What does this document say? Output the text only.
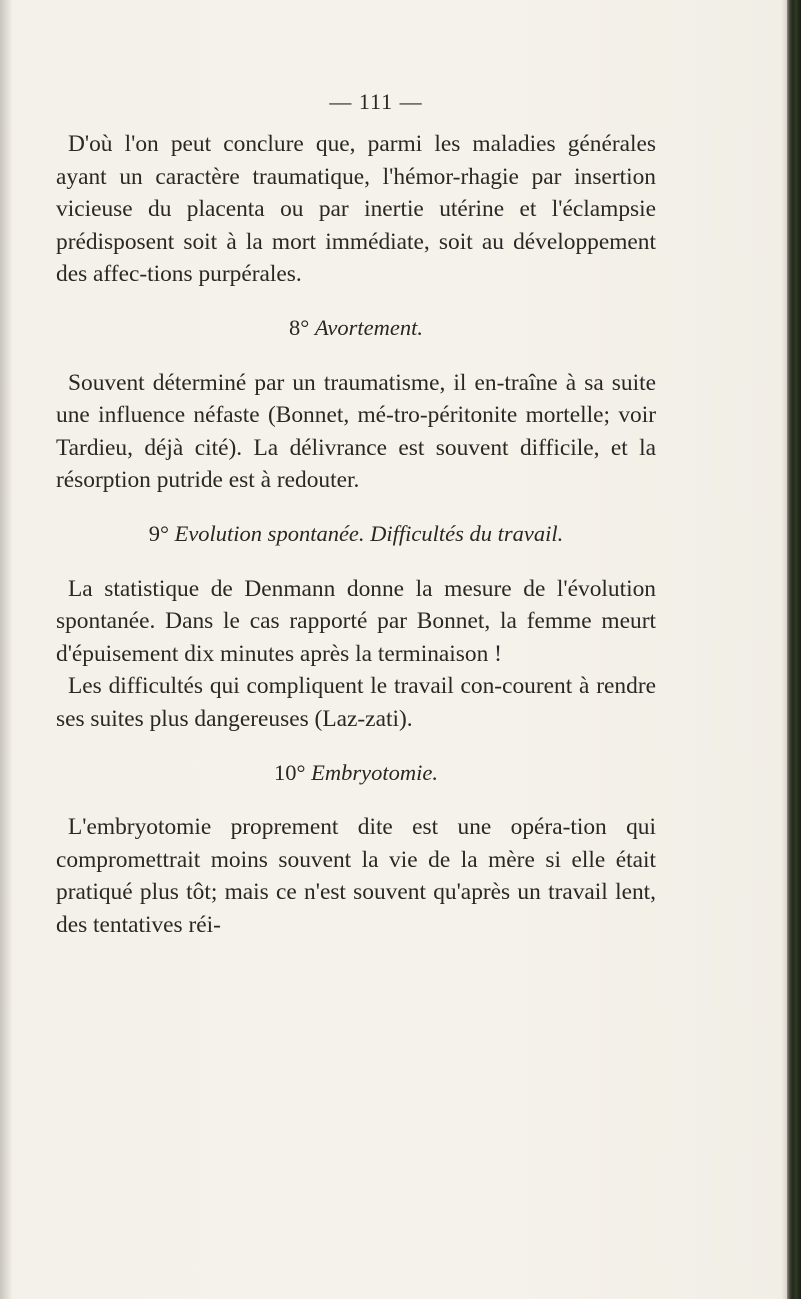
— 111 —

D'où l'on peut conclure que, parmi les maladies générales ayant un caractère traumatique, l'hémor-rhagie par insertion vicieuse du placenta ou par inertie utérine et l'éclampsie prédisposent soit à la mort immédiate, soit au développement des affec-tions purpérales.

8° Avortement.

Souvent déterminé par un traumatisme, il en-traîne à sa suite une influence néfaste (Bonnet, mé-tro-péritonite mortelle; voir Tardieu, déjà cité). La délivrance est souvent difficile, et la résorption putride est à redouter.

9° Evolution spontanée. Difficultés du travail.

La statistique de Denmann donne la mesure de l'évolution spontanée. Dans le cas rapporté par Bonnet, la femme meurt d'épuisement dix minutes après la terminaison !

Les difficultés qui compliquent le travail con-courent à rendre ses suites plus dangereuses (Laz-zati).

10° Embryotomie.

L'embryotomie proprement dite est une opéra-tion qui compromettrait moins souvent la vie de la mère si elle était pratiqué plus tôt; mais ce n'est souvent qu'après un travail lent, des tentatives réi-
